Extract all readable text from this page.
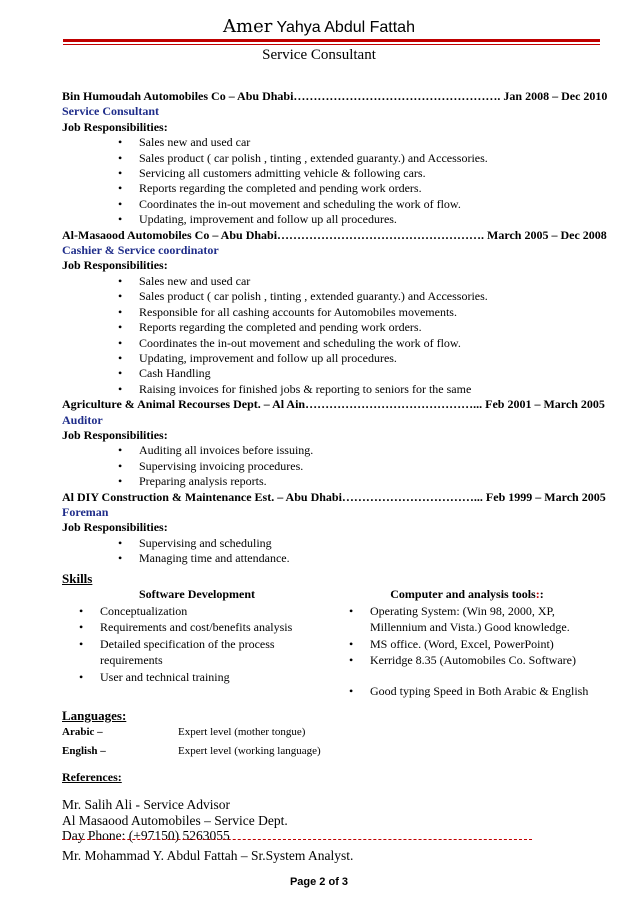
Amer Yahya Abdul Fattah
Service Consultant
Bin Humoudah Automobiles Co – Abu Dhabi…………………………………………… . Jan 2008 – Dec 2010
Service Consultant
Job Responsibilities:
• Sales new and used car
• Sales product ( car polish , tinting , extended guaranty.) and Accessories.
• Servicing all customers admitting vehicle & following cars.
• Reports regarding the completed and pending work orders.
• Coordinates the in-out movement and scheduling the work of flow.
• Updating, improvement and follow up all procedures.
Al-Masaood Automobiles Co – Abu Dhabi…………………………………………… . March 2005 – Dec 2008
Cashier & Service coordinator
Job Responsibilities:
• Sales new and used car
• Sales product ( car polish , tinting , extended guaranty.) and Accessories.
• Responsible for all cashing accounts for Automobiles movements.
• Reports regarding the completed and pending work orders.
• Coordinates the in-out movement and scheduling the work of flow.
• Updating, improvement and follow up all procedures.
• Cash Handling
• Raising invoices for finished jobs & reporting to seniors for the same
Agriculture & Animal Recourses Dept. – Al Ain…………………………………….. . Feb 2001 – March 2005
Auditor
Job Responsibilities:
• Auditing all invoices before issuing.
• Supervising invoicing procedures.
• Preparing analysis reports.
Al DIY Construction & Maintenance Est. – Abu Dhabi…………………………….. . Feb 1999 – March 2005
Foreman
Job Responsibilities:
• Supervising and scheduling
• Managing time and attendance.
Skills
Software Development
• Conceptualization
• Requirements and cost/benefits analysis
• Detailed specification of the process requirements
• User and technical training
Computer and analysis tools::
• Operating System: (Win 98, 2000, XP, Millennium and Vista.) Good knowledge.
• MS office. (Word, Excel, PowerPoint)
• Kerridge 8.35 (Automobiles Co. Software)
• Good typing Speed in Both Arabic & English
Languages:
Arabic –	Expert level (mother tongue)
English –	Expert level (working language)
References:
Mr. Salih Ali - Service Advisor
Al Masaood Automobiles – Service Dept.
Day Phone: (+97150) 5263055
Mr. Mohammad Y. Abdul Fattah – Sr.System Analyst.
Page 2 of 3
